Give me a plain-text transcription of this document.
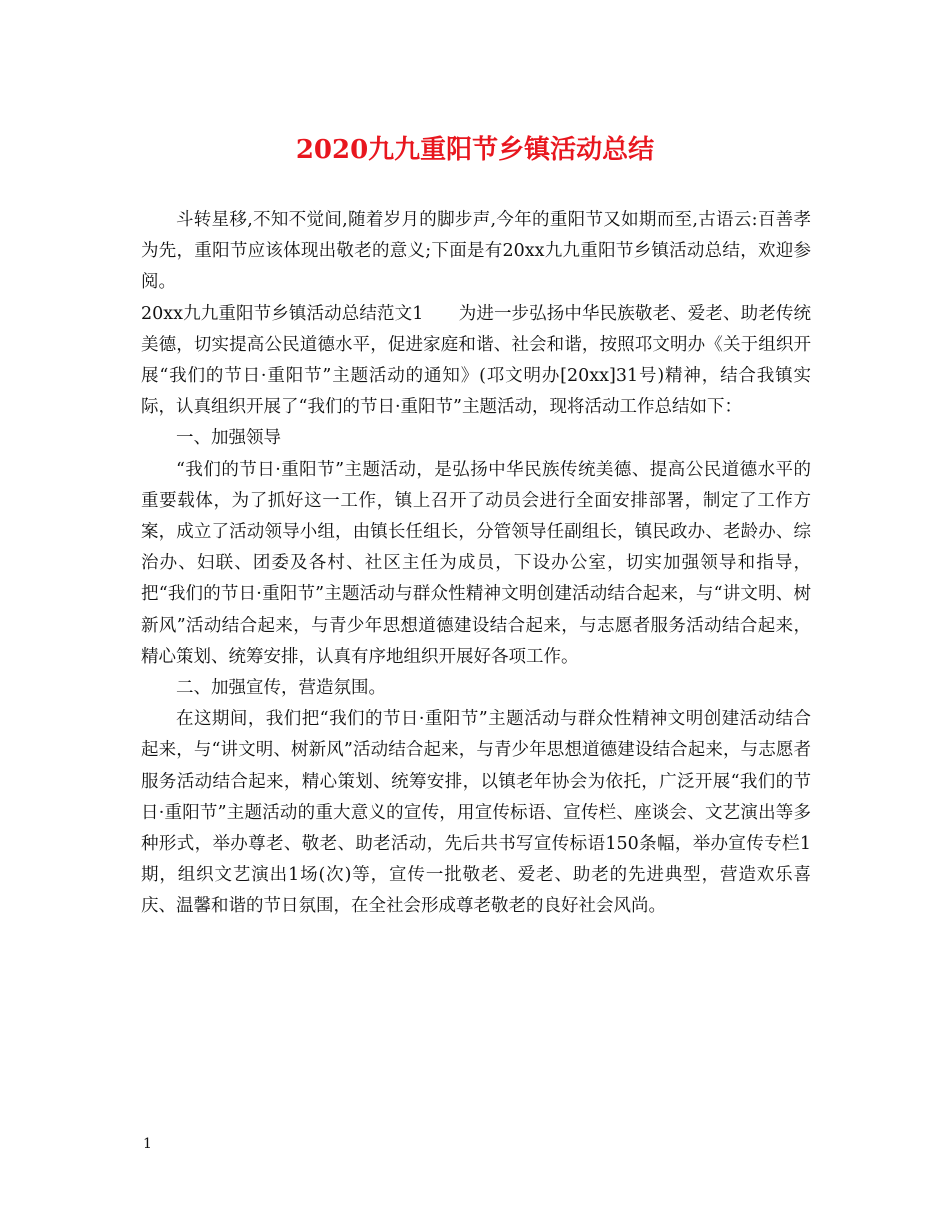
2020九九重阳节乡镇活动总结

斗转星移,不知不觉间,随着岁月的脚步声,今年的重阳节又如期而至,古语云:百善孝为先，重阳节应该体现出敬老的意义;下面是有20xx九九重阳节乡镇活动总结，欢迎参阅。

20xx九九重阳节乡镇活动总结范文1　　为进一步弘扬中华民族敬老、爱老、助老传统美德，切实提高公民道德水平，促进家庭和谐、社会和谐，按照邛文明办《关于组织开展“我们的节日·重阳节”主题活动的通知》(邛文明办[20xx]31号)精神，结合我镇实际，认真组织开展了“我们的节日·重阳节”主题活动，现将活动工作总结如下：

一、加强领导

“我们的节日·重阳节”主题活动，是弘扬中华民族传统美德、提高公民道德水平的重要载体，为了抓好这一工作，镇上召开了动员会进行全面安排部署，制定了工作方案，成立了活动领导小组，由镇长任组长，分管领导任副组长，镇民政办、老龄办、综治办、妇联、团委及各村、社区主任为成员，下设办公室，切实加强领导和指导，把“我们的节日·重阳节”主题活动与群众性精神文明创建活动结合起来，与“讲文明、树新风”活动结合起来，与青少年思想道德建设结合起来，与志愿者服务活动结合起来，精心策划、统筹安排，认真有序地组织开展好各项工作。

二、加强宣传，营造氛围。

在这期间，我们把“我们的节日·重阳节”主题活动与群众性精神文明创建活动结合起来，与“讲文明、树新风”活动结合起来，与青少年思想道德建设结合起来，与志愿者服务活动结合起来，精心策划、统筹安排，以镇老年协会为依托，广泛开展“我们的节日·重阳节”主题活动的重大意义的宣传，用宣传标语、宣传栏、座谈会、文艺演出等多种形式，举办尊老、敬老、助老活动，先后共书写宣传标语150条幅，举办宣传专栏1期，组织文艺演出1场(次)等，宣传一批敬老、爱老、助老的先进典型，营造欢乐喜庆、温馨和谐的节日氛围，在全社会形成尊老敬老的良好社会风尚。

1
